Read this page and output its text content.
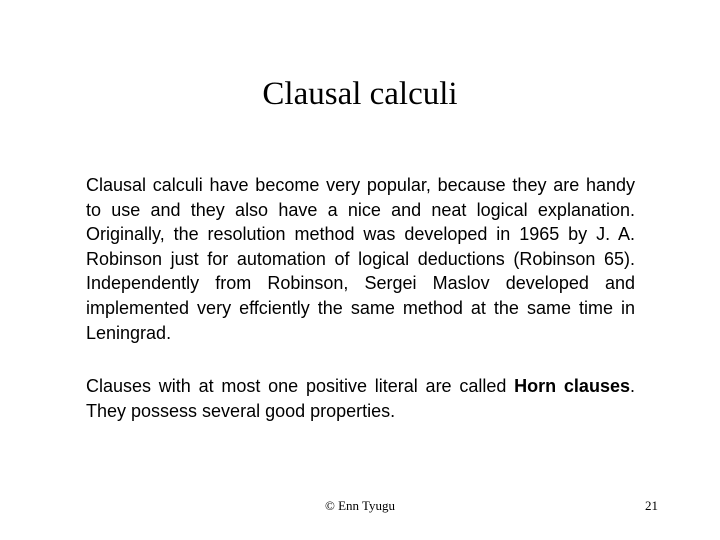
Clausal calculi

Clausal calculi have become very popular, because they are handy to use and they also have a nice and neat logical explanation. Originally, the resolution method was developed in 1965 by J. A. Robinson just for automation of logical deductions (Robinson 65). Independently from Robinson, Sergei Maslov developed and implemented very effciently the same method at the same time in Leningrad.

Clauses with at most one positive literal are called Horn clauses. They possess several good properties.

© Enn Tyugu	21
